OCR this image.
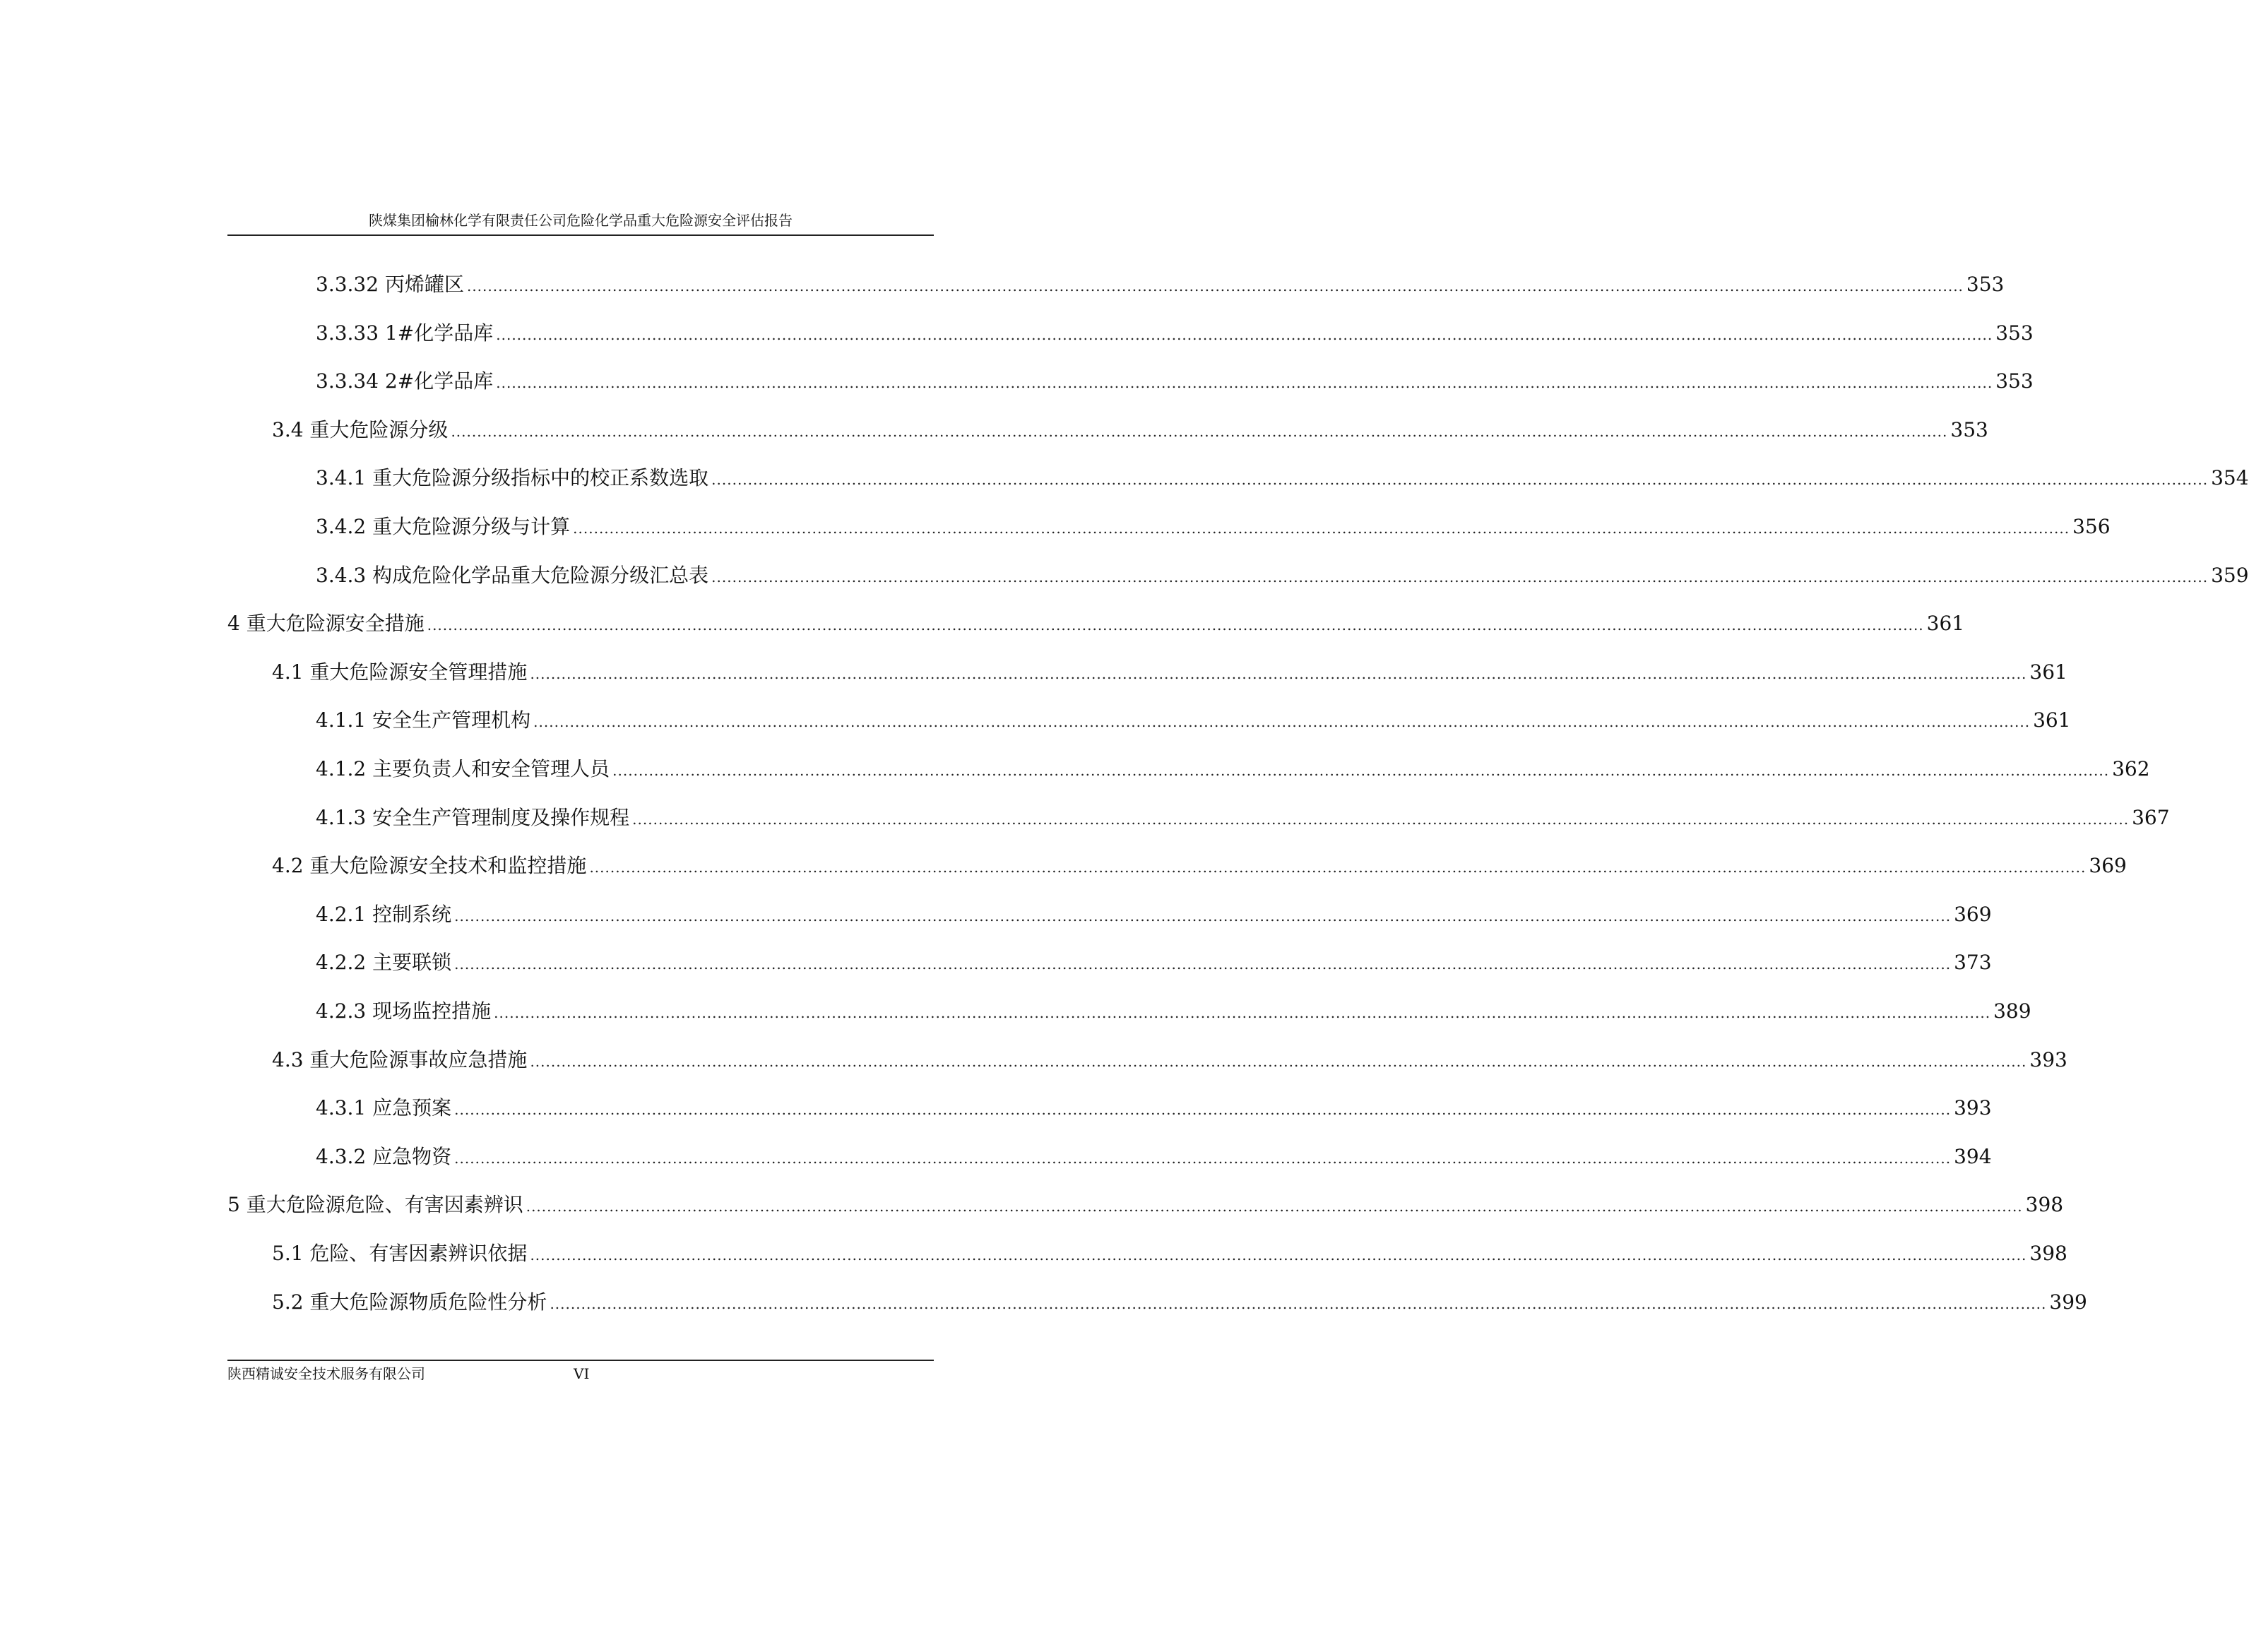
陕煤集团榆林化学有限责任公司危险化学品重大危险源安全评估报告
3.3.32 丙烯罐区 ................................................................................................................................................................................................................................................................................................ 353
3.3.33 1#化学品库 ................................................................................................................................................................................................................................................................................................ 353
3.3.34 2#化学品库 ................................................................................................................................................................................................................................................................................................ 353
3.4 重大危险源分级 ................................................................................................................................................................................................................................................................................................ 353
3.4.1 重大危险源分级指标中的校正系数选取 ................................................................................................................................................................................................................................................................................................ 354
3.4.2 重大危险源分级与计算 ................................................................................................................................................................................................................................................................................................ 356
3.4.3 构成危险化学品重大危险源分级汇总表 ................................................................................................................................................................................................................................................................................................ 359
4 重大危险源安全措施 ................................................................................................................................................................................................................................................................................................ 361
4.1 重大危险源安全管理措施 ................................................................................................................................................................................................................................................................................................ 361
4.1.1 安全生产管理机构 ................................................................................................................................................................................................................................................................................................ 361
4.1.2 主要负责人和安全管理人员 ................................................................................................................................................................................................................................................................................................ 362
4.1.3 安全生产管理制度及操作规程 ................................................................................................................................................................................................................................................................................................ 367
4.2 重大危险源安全技术和监控措施 ................................................................................................................................................................................................................................................................................................ 369
4.2.1 控制系统 ................................................................................................................................................................................................................................................................................................ 369
4.2.2 主要联锁 ................................................................................................................................................................................................................................................................................................ 373
4.2.3 现场监控措施 ................................................................................................................................................................................................................................................................................................ 389
4.3 重大危险源事故应急措施 ................................................................................................................................................................................................................................................................................................ 393
4.3.1 应急预案 ................................................................................................................................................................................................................................................................................................ 393
4.3.2 应急物资 ................................................................................................................................................................................................................................................................................................ 394
5 重大危险源危险、有害因素辨识 ................................................................................................................................................................................................................................................................................................ 398
5.1 危险、有害因素辨识依据 ................................................................................................................................................................................................................................................................................................ 398
5.2 重大危险源物质危险性分析 ................................................................................................................................................................................................................................................................................................ 399
陕西精诚安全技术服务有限公司	VI
